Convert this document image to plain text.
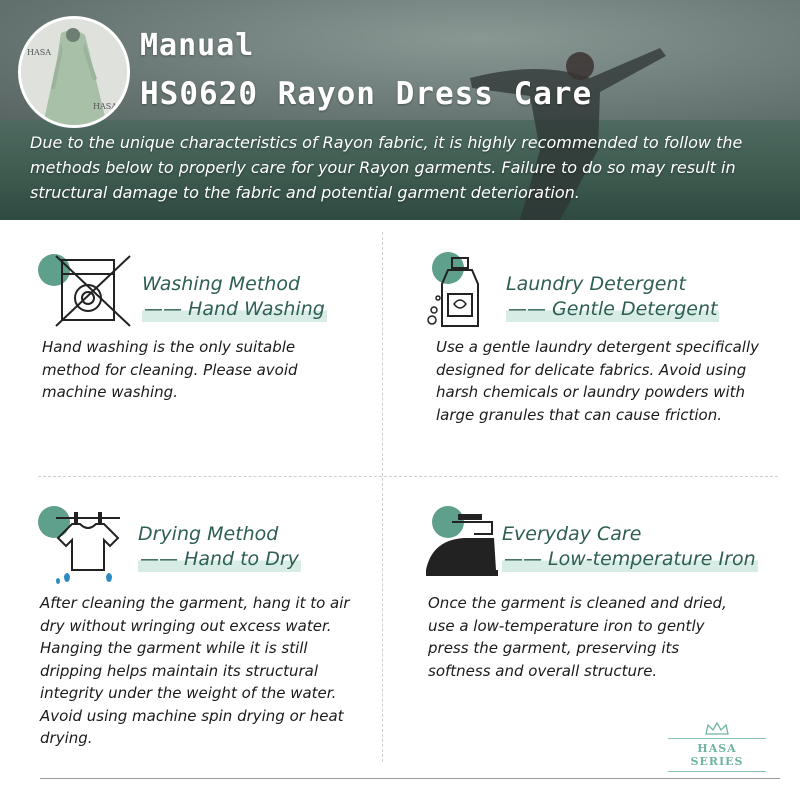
HASA
HASA
Manual
HS0620 Rayon Dress Care
Due to the unique characteristics of Rayon fabric, it is highly recommended to follow the methods below to properly care for your Rayon garments. Failure to do so may result in structural damage to the fabric and potential garment deterioration.
Washing Method
—— Hand Washing
Hand washing is the only suitable method for cleaning. Please avoid machine washing.
Laundry Detergent
—— Gentle Detergent
Use a gentle laundry detergent specifically designed for delicate fabrics. Avoid using harsh chemicals or laundry powders with large granules that can cause friction.
Drying Method
—— Hand to Dry
After cleaning the garment, hang it to air dry without wringing out excess water. Hanging the garment while it is still dripping helps maintain its structural integrity under the weight of the water. Avoid using machine spin drying or heat drying.
Everyday Care
—— Low-temperature Iron
Once the garment is cleaned and dried, use a low-temperature iron to gently press the garment, preserving its softness and overall structure.
HASA SERIES
